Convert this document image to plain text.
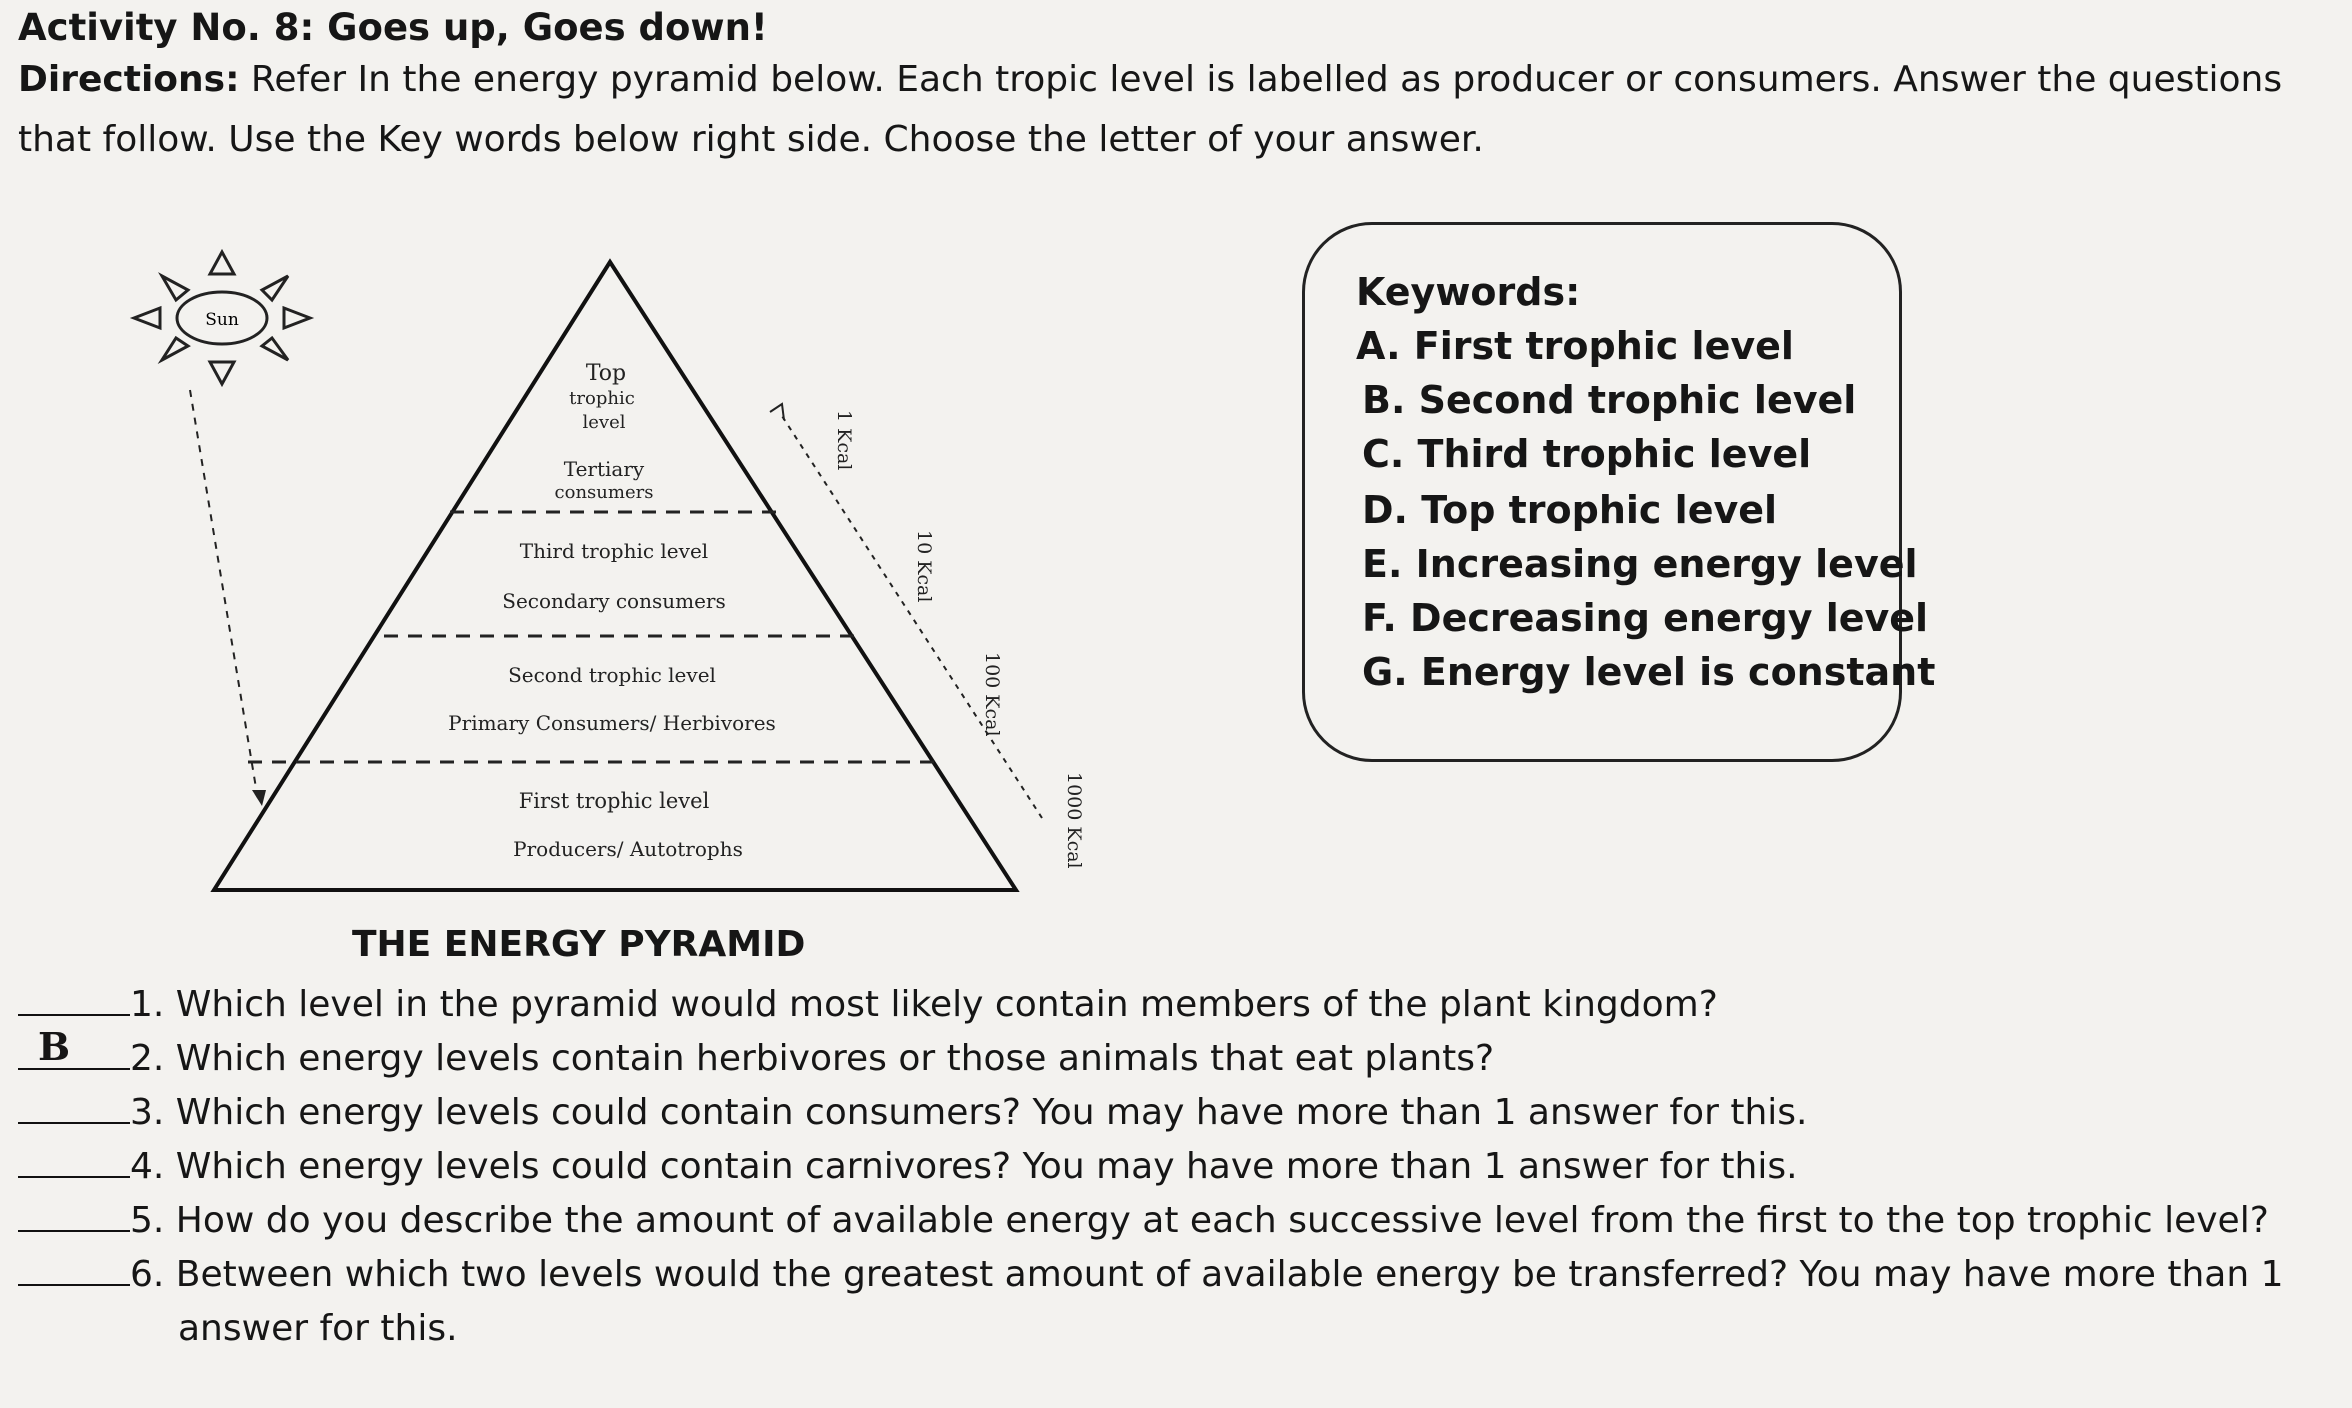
Activity No. 8: Goes up, Goes down!
Directions: Refer In the energy pyramid below. Each tropic level is labelled as producer or consumers. Answer the questions that follow. Use the Key words below right side. Choose the letter of your answer.
Sun
Top
trophic
level
Tertiary
consumers
Third trophic level
Secondary consumers
Second trophic level
Primary Consumers/ Herbivores
First trophic level
Producers/ Autotrophs
1 Kcal
10 Kcal
100 Kcal
1000 Kcal
Keywords:
A. First trophic level
B. Second trophic level
C. Third trophic level
D. Top trophic level
E. Increasing energy level
F. Decreasing energy level
G. Energy level is constant
THE ENERGY PYRAMID
1. Which level in the pyramid would most likely contain members of the plant kingdom?
B 2. Which energy levels contain herbivores or those animals that eat plants?
3. Which energy levels could contain consumers? You may have more than 1 answer for this.
4. Which energy levels could contain carnivores? You may have more than 1 answer for this.
5. How do you describe the amount of available energy at each successive level from the first to the top trophic level?
6. Between which two levels would the greatest amount of available energy be transferred? You may have more than 1
answer for this.
